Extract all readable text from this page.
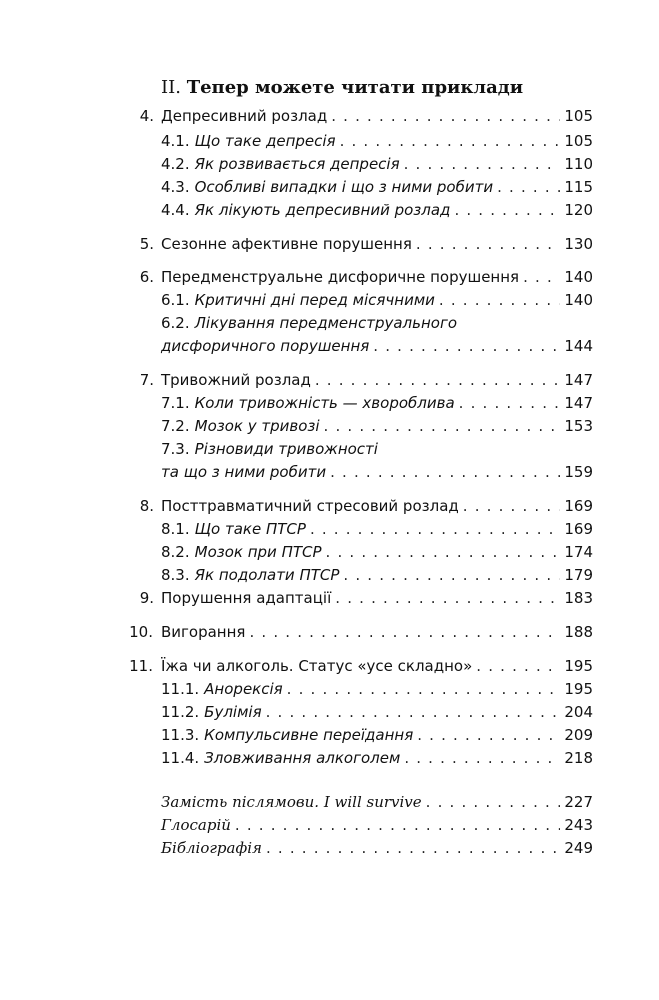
II. Тепер можете читати приклади
4. Депресивний розлад . . .	105
4.1. Що таке депресія . . .	105
4.2. Як розвивається депресія . . .	110
4.3. Особливі випадки і що з ними робити . . .	115
4.4. Як лікують депресивний розлад . . .	120
5. Сезонне афективне порушення . . .	130
6. Передменструальне дисфоричне порушення . . .	140
6.1. Критичні дні перед місячними . . .	140
6.2. Лікування передменструального
дисфоричного порушення . . .	144
7. Тривожний розлад . . .	147
7.1. Коли тривожність — хворобливa . . .	147
7.2. Мозок у тривозі . . .	153
7.3. Різновиди тривожності
та що з ними робити . . .	159
8. Посттравматичний стресовий розлад . . .	169
8.1. Що таке ПТСР . . .	169
8.2. Мозок при ПТСР . . .	174
8.3. Як подолати ПТСР . . .	179
9. Порушення адаптації . . .	183
10. Вигорання . . .	188
11. Їжа чи алкоголь. Статус «усе складно» . . .	195
11.1. Анорексія . . .	195
11.2. Булімія . . .	204
11.3. Компульсивне переїдання . . .	209
11.4. Зловживання алкоголем . . .	218
Замість післямови. I will survive . . .	227
Глосарій . . .	243
Бібліографія . . .	249
